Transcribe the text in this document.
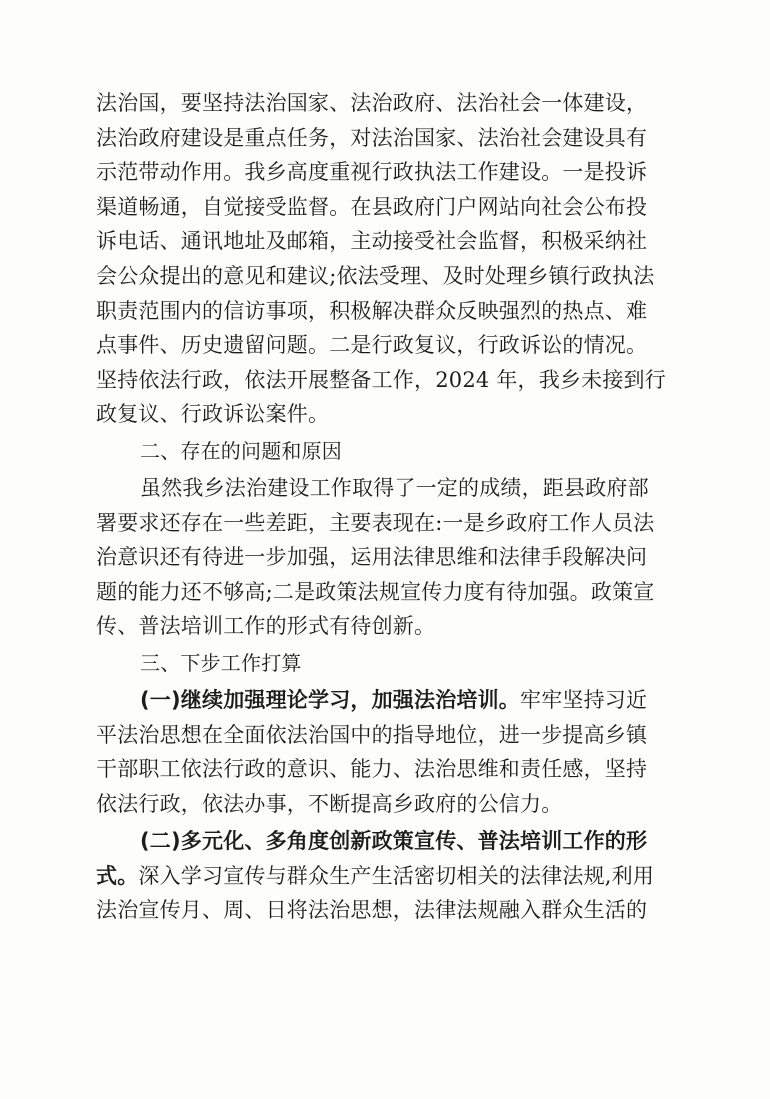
法治国，要坚持法治国家、法治政府、法治社会一体建设，
法治政府建设是重点任务，对法治国家、法治社会建设具有
示范带动作用。我乡高度重视行政执法工作建设。一是投诉
渠道畅通，自觉接受监督。在县政府门户网站向社会公布投
诉电话、通讯地址及邮箱，主动接受社会监督，积极采纳社
会公众提出的意见和建议;依法受理、及时处理乡镇行政执法
职责范围内的信访事项，积极解决群众反映强烈的热点、难
点事件、历史遗留问题。二是行政复议，行政诉讼的情况。
坚持依法行政，依法开展整备工作，2024 年，我乡未接到行
政复议、行政诉讼案件。
二、存在的问题和原因
虽然我乡法治建设工作取得了一定的成绩，距县政府部
署要求还存在一些差距，主要表现在:一是乡政府工作人员法
治意识还有待进一步加强，运用法律思维和法律手段解决问
题的能力还不够高;二是政策法规宣传力度有待加强。政策宣
传、普法培训工作的形式有待创新。
三、下步工作打算
(一)继续加强理论学习，加强法治培训。牢牢坚持习近
平法治思想在全面依法治国中的指导地位，进一步提高乡镇
干部职工依法行政的意识、能力、法治思维和责任感，坚持
依法行政，依法办事，不断提高乡政府的公信力。
(二)多元化、多角度创新政策宣传、普法培训工作的形
式。深入学习宣传与群众生产生活密切相关的法律法规,利用
法治宣传月、周、日将法治思想，法律法规融入群众生活的
